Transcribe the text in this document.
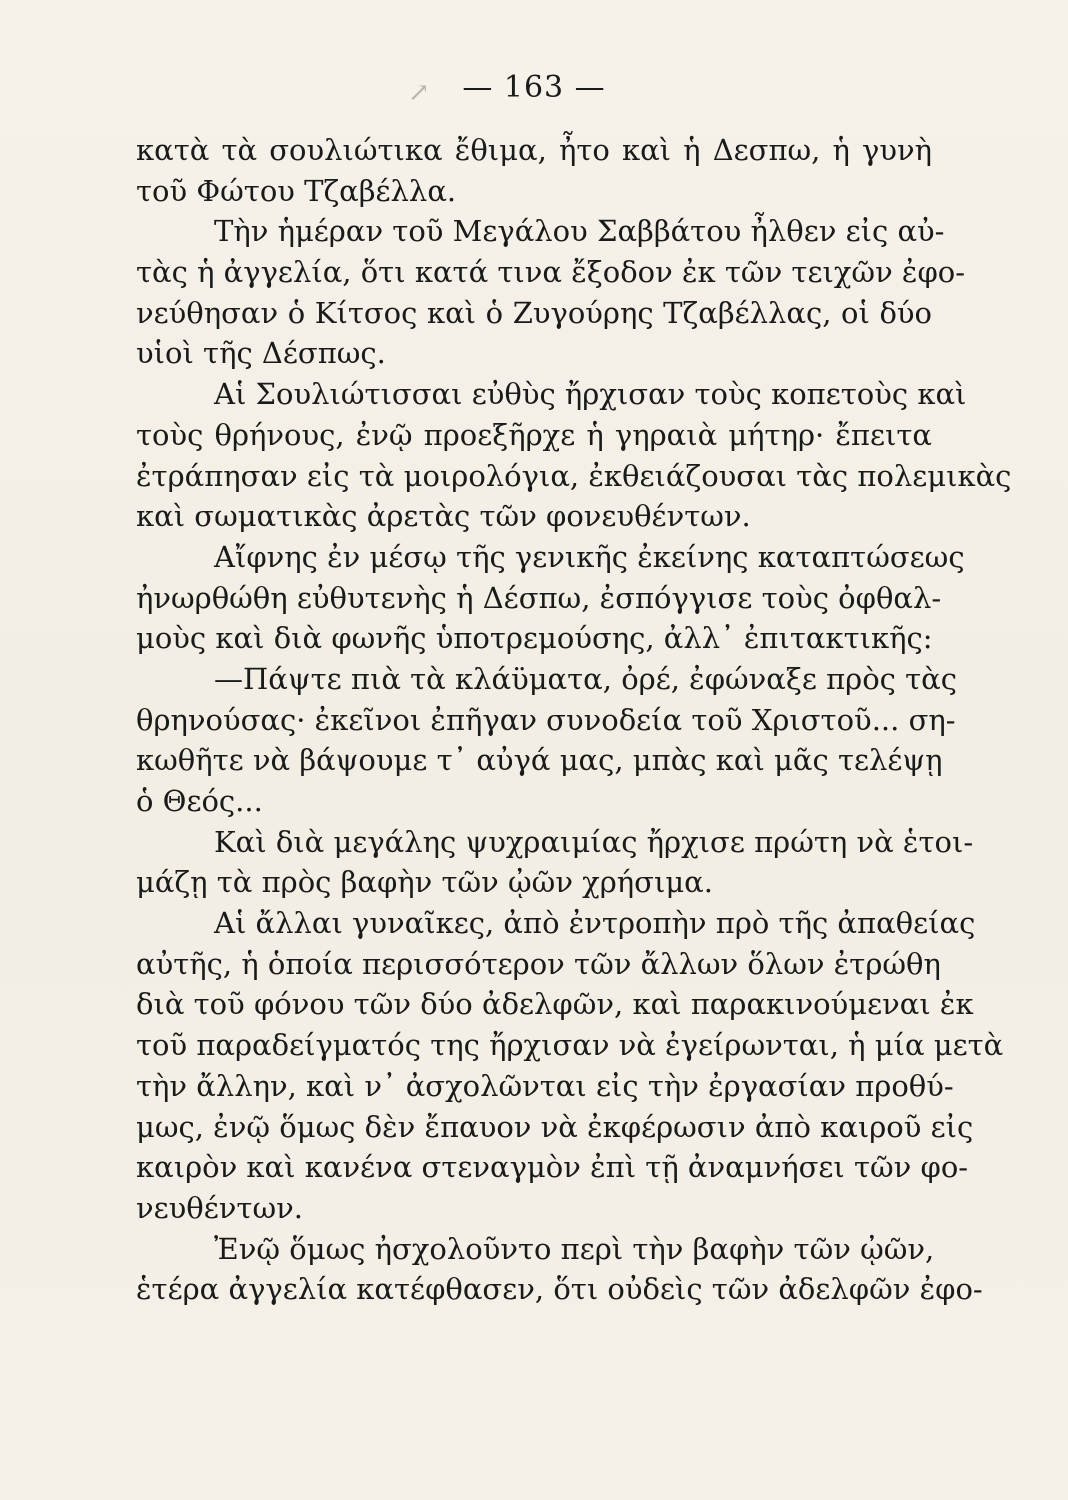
↗	— 163 —
κατὰ τὰ σουλιώτικα ἔθιμα, ἦτο καὶ ἡ Δεσπω, ἡ γυνὴ
τοῦ Φώτου Τζαβέλλα.
Τὴν ἡμέραν τοῦ Μεγάλου Σαββάτου ἦλθεν εἰς αὐ-
τὰς ἡ ἀγγελία, ὅτι κατά τινα ἔξοδον ἐκ τῶν τειχῶν ἐφο-
νεύθησαν ὁ Κίτσος καὶ ὁ Ζυγούρης Τζαβέλλας, οἱ δύο
υἱοὶ τῆς Δέσπως.
Αἱ Σουλιώτισσαι εὐθὺς ἤρχισαν τοὺς κοπετοὺς καὶ
τοὺς θρήνους, ἐνῷ προεξῆρχε ἡ γηραιὰ μήτηρ· ἔπειτα
ἐτράπησαν εἰς τὰ μοιρολόγια, ἐκθειάζουσαι τὰς πολεμικὰς
καὶ σωματικὰς ἀρετὰς τῶν φονευθέντων.
Αἴφνης ἐν μέσῳ τῆς γενικῆς ἐκείνης καταπτώσεως
ἠνωρθώθη εὐθυτενὴς ἡ Δέσπω, ἐσπόγγισε τοὺς ὀφθαλ-
μοὺς καὶ διὰ φωνῆς ὑποτρεμούσης, ἀλλ᾽ ἐπιτακτικῆς:
—Πάψτε πιὰ τὰ κλάϋματα, ὀρέ, ἐφώναξε πρὸς τὰς
θρηνούσας· ἐκεῖνοι ἐπῆγαν συνοδεία τοῦ Χριστοῦ... ση-
κωθῆτε νὰ βάψουμε τ᾽ αὐγά μας, μπὰς καὶ μᾶς τελέψῃ
ὁ Θεός...
Καὶ διὰ μεγάλης ψυχραιμίας ἤρχισε πρώτη νὰ ἑτοι-
μάζῃ τὰ πρὸς βαφὴν τῶν ᾠῶν χρήσιμα.
Αἱ ἄλλαι γυναῖκες, ἀπὸ ἐντροπὴν πρὸ τῆς ἀπαθείας
αὐτῆς, ἡ ὁποία περισσότερον τῶν ἄλλων ὅλων ἐτρώθη
διὰ τοῦ φόνου τῶν δύο ἀδελφῶν, καὶ παρακινούμεναι ἐκ
τοῦ παραδείγματός της ἤρχισαν νὰ ἐγείρωνται, ἡ μία μετὰ
τὴν ἄλλην, καὶ ν᾽ ἀσχολῶνται εἰς τὴν ἐργασίαν προθύ-
μως, ἐνῷ ὅμως δὲν ἔπαυον νὰ ἐκφέρωσιν ἀπὸ καιροῦ εἰς
καιρὸν καὶ κανένα στεναγμὸν ἐπὶ τῇ ἀναμνήσει τῶν φο-
νευθέντων.
Ἐνῷ ὅμως ἠσχολοῦντο περὶ τὴν βαφὴν τῶν ᾠῶν,
ἑτέρα ἀγγελία κατέφθασεν, ὅτι οὐδεὶς τῶν ἀδελφῶν ἐφο-
